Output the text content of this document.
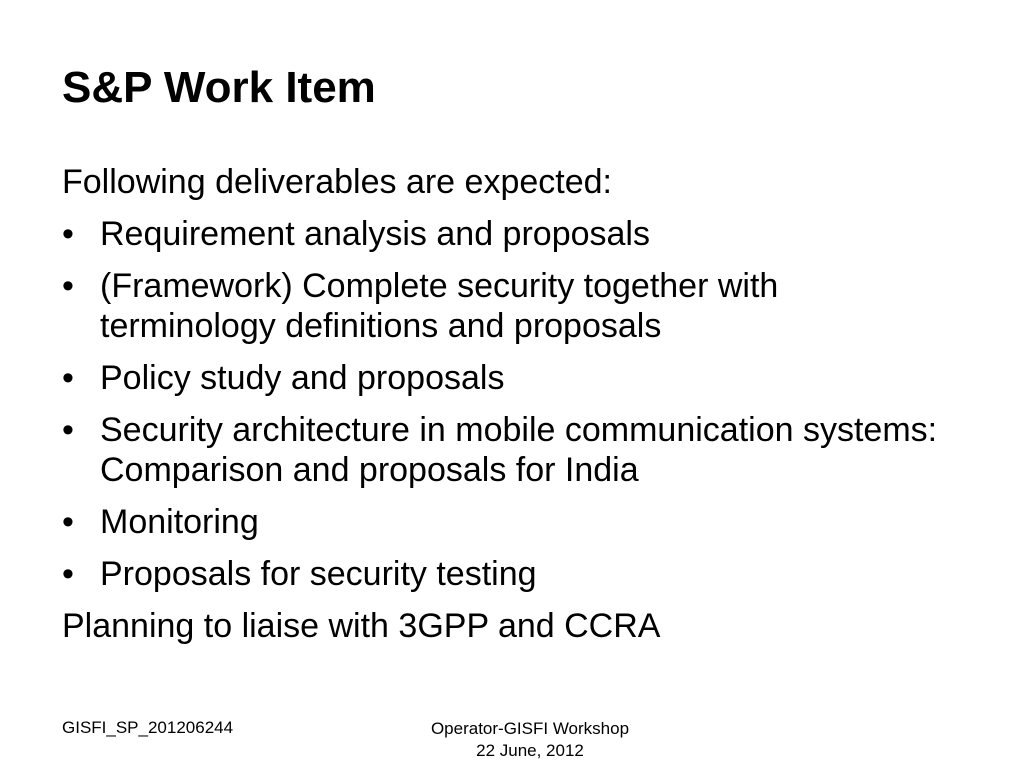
S&P Work Item

Following deliverables are expected:

• Requirement analysis and proposals
• (Framework) Complete security together with terminology definitions and proposals
• Policy study and proposals
• Security architecture in mobile communication systems: Comparison and proposals for India
• Monitoring
• Proposals for security testing

Planning to liaise with 3GPP and CCRA

GISFI_SP_201206244	Operator-GISFI Workshop
22 June, 2012
